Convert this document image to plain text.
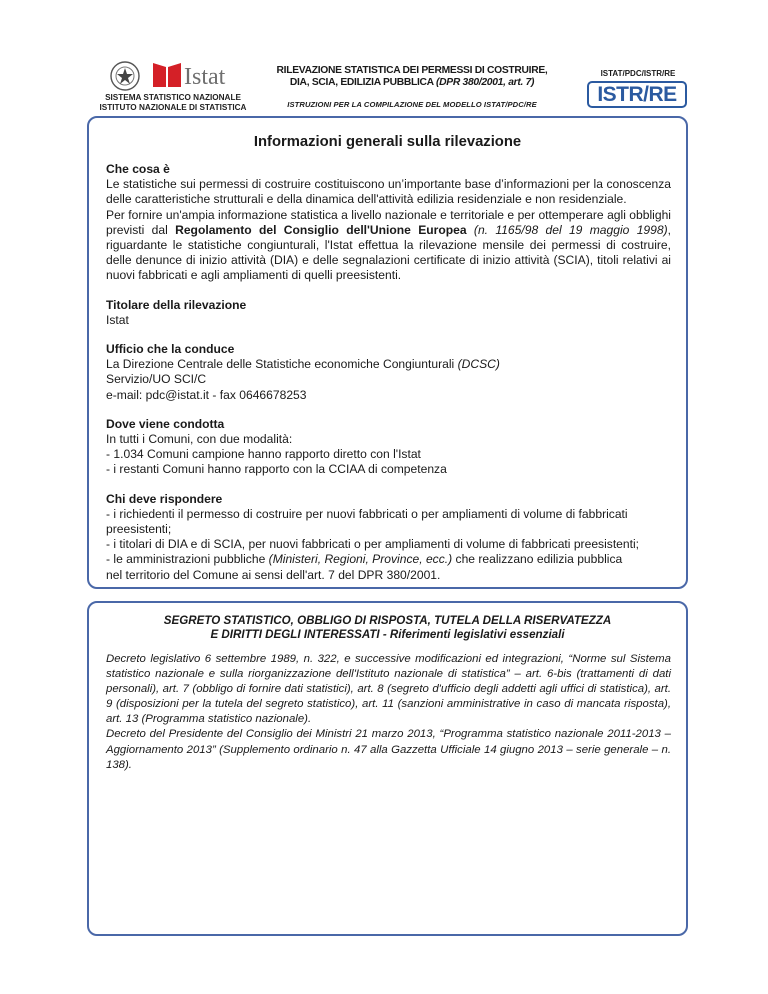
Istat
SISTEMA STATISTICO NAZIONALE
ISTITUTO NAZIONALE DI STATISTICA
RILEVAZIONE STATISTICA DEI PERMESSI DI COSTRUIRE,
DIA, SCIA, EDILIZIA PUBBLICA (DPR 380/2001, art. 7)
ISTRUZIONI PER LA COMPILAZIONE DEL MODELLO ISTAT/PDC/RE
ISTAT/PDC/ISTR/RE
ISTR/RE
Informazioni generali sulla rilevazione
Che cosa è
Le statistiche sui permessi di costruire costituiscono un’importante base d’informazioni per la conoscenza delle caratteristiche strutturali e della dinamica dell'attività edilizia residenziale e non residenziale.
Per fornire un'ampia informazione statistica a livello nazionale e territoriale e per ottemperare agli obblighi previsti dal Regolamento del Consiglio dell'Unione Europea (n. 1165/98 del 19 maggio 1998), riguardante le statistiche congiunturali, l'Istat effettua la rilevazione mensile dei permessi di costruire, delle denunce di inizio attività (DIA) e delle segnalazioni certificate di inizio attività (SCIA), titoli relativi ai nuovi fabbricati e agli ampliamenti di quelli preesistenti.
Titolare della rilevazione
Istat
Ufficio che la conduce
La Direzione Centrale delle Statistiche economiche Congiunturali (DCSC)
Servizio/UO SCI/C
e-mail: pdc@istat.it - fax 0646678253
Dove viene condotta
In tutti i Comuni, con due modalità:
- 1.034 Comuni campione hanno rapporto diretto con l'Istat
- i restanti Comuni hanno rapporto con la CCIAA di competenza
Chi deve rispondere
- i richiedenti il permesso di costruire per nuovi fabbricati o per ampliamenti di volume di fabbricati preesistenti;
- i titolari di DIA e di SCIA, per nuovi fabbricati o per ampliamenti di volume di fabbricati preesistenti;
- le amministrazioni pubbliche (Ministeri, Regioni, Province, ecc.) che realizzano edilizia pubblica
nel territorio del Comune ai sensi dell'art. 7 del DPR 380/2001.
SEGRETO STATISTICO, OBBLIGO DI RISPOSTA, TUTELA DELLA RISERVATEZZA
E DIRITTI DEGLI INTERESSATI - Riferimenti legislativi essenziali
Decreto legislativo 6 settembre 1989, n. 322, e successive modificazioni ed integrazioni, “Norme sul Sistema statistico nazionale e sulla riorganizzazione dell'Istituto nazionale di statistica” – art. 6-bis (trattamenti di dati personali), art. 7 (obbligo di fornire dati statistici), art. 8 (segreto d'ufficio degli addetti agli uffici di statistica), art. 9 (disposizioni per la tutela del segreto statistico), art. 11 (sanzioni amministrative in caso di mancata risposta), art. 13 (Programma statistico nazionale).
Decreto del Presidente del Consiglio dei Ministri 21 marzo 2013, “Programma statistico nazionale 2011-2013 – Aggiornamento 2013” (Supplemento ordinario n. 47 alla Gazzetta Ufficiale 14 giugno 2013 – serie generale – n. 138).
